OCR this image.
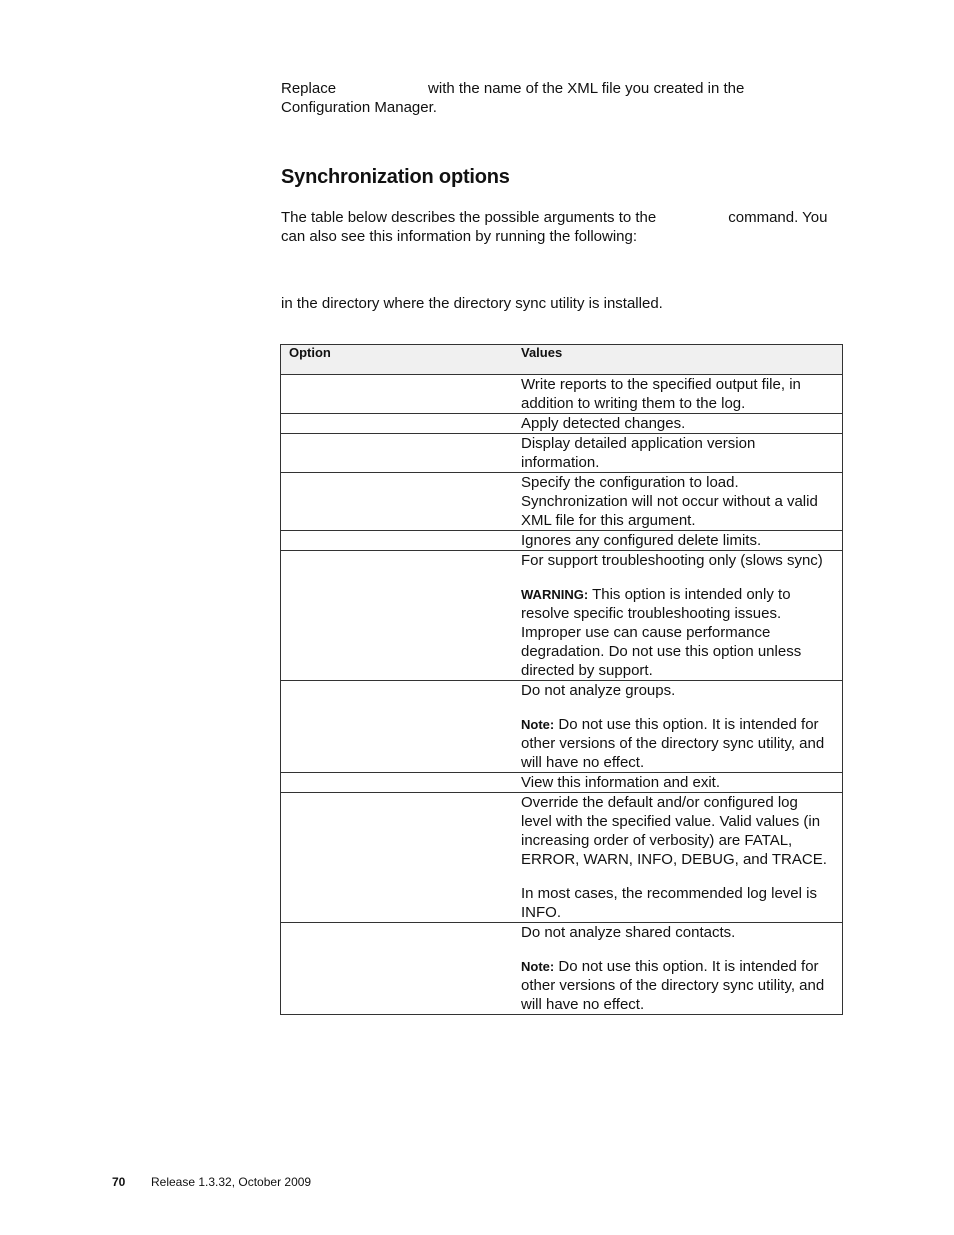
Replace	with the name of the XML file you created in the Configuration Manager.
Synchronization options
The table below describes the possible arguments to the	command. You can also see this information by running the following:
in the directory where the directory sync utility is installed.
Option	Values

	Write reports to the specified output file, in addition to writing them to the log.

	Apply detected changes.

	Display detailed application version information.

	Specify the configuration to load. Synchronization will not occur without a valid XML file for this argument.

	Ignores any configured delete limits.

	For support troubleshooting only (slows sync)

WARNING: This option is intended only to resolve specific troubleshooting issues. Improper use can cause performance degradation. Do not use this option unless directed by support.

	Do not analyze groups.

Note: Do not use this option. It is intended for other versions of the directory sync utility, and will have no effect.

	View this information and exit.

	Override the default and/or configured log level with the specified value. Valid values (in increasing order of verbosity) are FATAL, ERROR, WARN, INFO, DEBUG, and TRACE.

In most cases, the recommended log level is INFO.

	Do not analyze shared contacts.

Note: Do not use this option. It is intended for other versions of the directory sync utility, and will have no effect.

70 Release 1.3.32, October 2009
